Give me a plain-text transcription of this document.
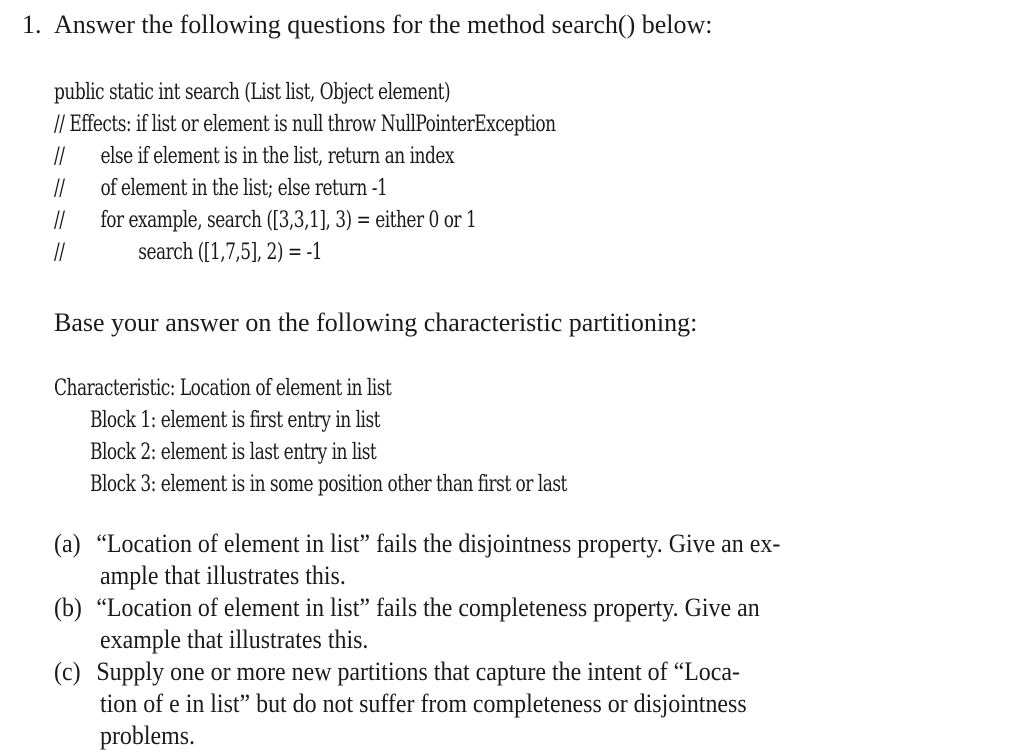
1. Answer the following questions for the method search() below:
public static int search (List list, Object element)
// Effects: if list or element is null throw NullPointerException
// else if element is in the list, return an index
// of element in the list; else return -1
// for example, search ([3,3,1], 3) = either 0 or 1
//	search ([1,7,5], 2) = -1
Base your answer on the following characteristic partitioning:
Characteristic: Location of element in list
Block 1: element is first entry in list
Block 2: element is last entry in list
Block 3: element is in some position other than first or last
(a) “Location of element in list” fails the disjointness property. Give an ex-
ample that illustrates this.
(b) “Location of element in list” fails the completeness property. Give an
example that illustrates this.
(c) Supply one or more new partitions that capture the intent of “Loca-
tion of e in list” but do not suffer from completeness or disjointness
problems.
